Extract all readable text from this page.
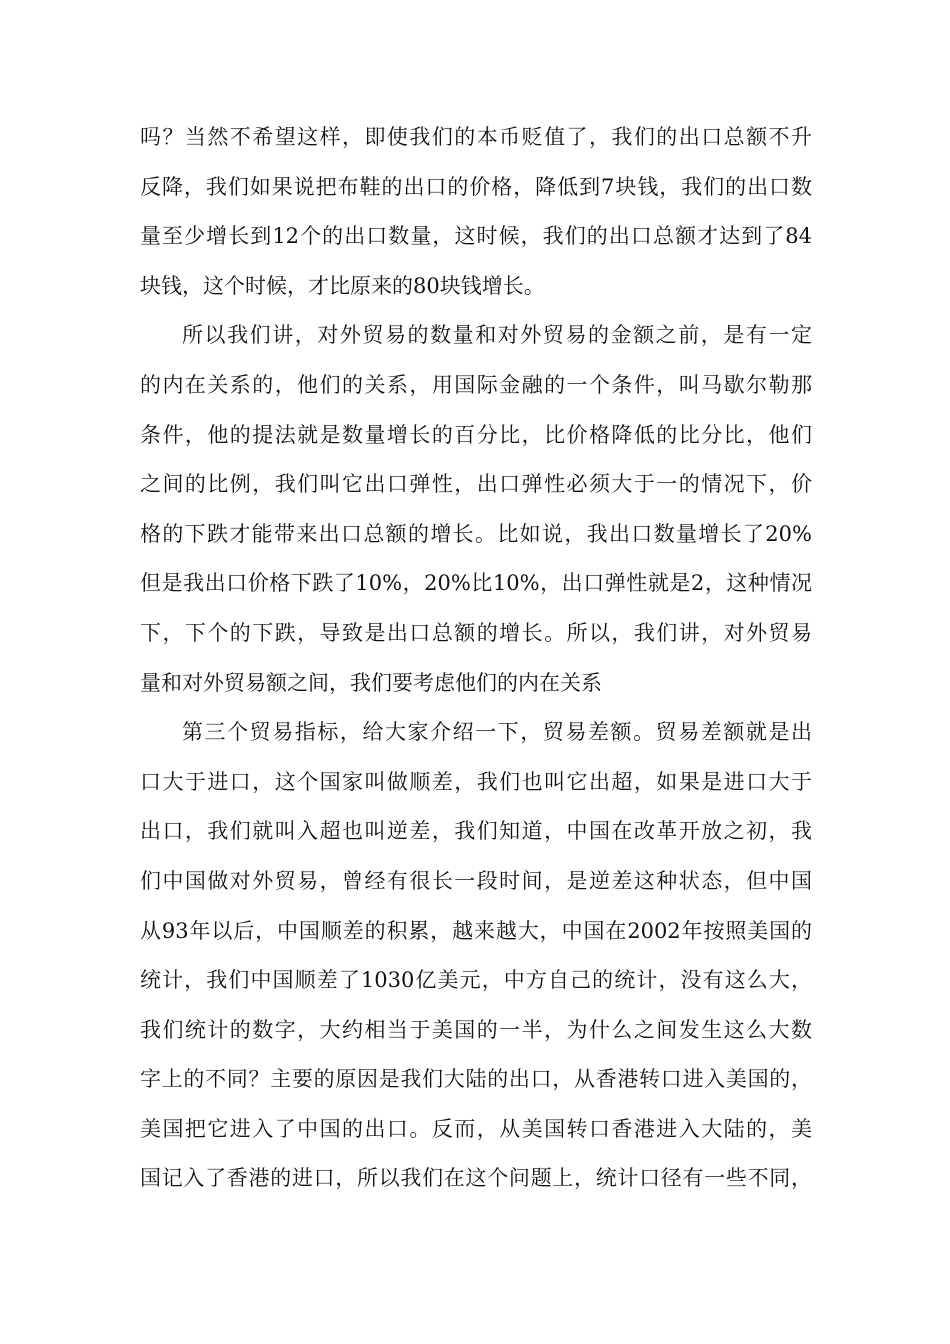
吗？当然不希望这样，即使我们的本币贬值了，我们的出口总额不升
反降，我们如果说把布鞋的出口的价格，降低到7块钱，我们的出口数
量至少增长到12个的出口数量，这时候，我们的出口总额才达到了84
块钱，这个时候，才比原来的80块钱增长。
所以我们讲，对外贸易的数量和对外贸易的金额之前，是有一定
的内在关系的，他们的关系，用国际金融的一个条件，叫马歇尔勒那
条件，他的提法就是数量增长的百分比，比价格降低的比分比，他们
之间的比例，我们叫它出口弹性，出口弹性必须大于一的情况下，价
格的下跌才能带来出口总额的增长。比如说，我出口数量增长了20%
但是我出口价格下跌了10%，20%比10%，出口弹性就是2，这种情况
下，下个的下跌，导致是出口总额的增长。所以，我们讲，对外贸易
量和对外贸易额之间，我们要考虑他们的内在关系
第三个贸易指标，给大家介绍一下，贸易差额。贸易差额就是出
口大于进口，这个国家叫做顺差，我们也叫它出超，如果是进口大于
出口，我们就叫入超也叫逆差，我们知道，中国在改革开放之初，我
们中国做对外贸易，曾经有很长一段时间，是逆差这种状态，但中国
从93年以后，中国顺差的积累，越来越大，中国在2002年按照美国的
统计，我们中国顺差了1030亿美元，中方自己的统计，没有这么大，
我们统计的数字，大约相当于美国的一半，为什么之间发生这么大数
字上的不同？主要的原因是我们大陆的出口，从香港转口进入美国的，
美国把它进入了中国的出口。反而，从美国转口香港进入大陆的，美
国记入了香港的进口，所以我们在这个问题上，统计口径有一些不同，
